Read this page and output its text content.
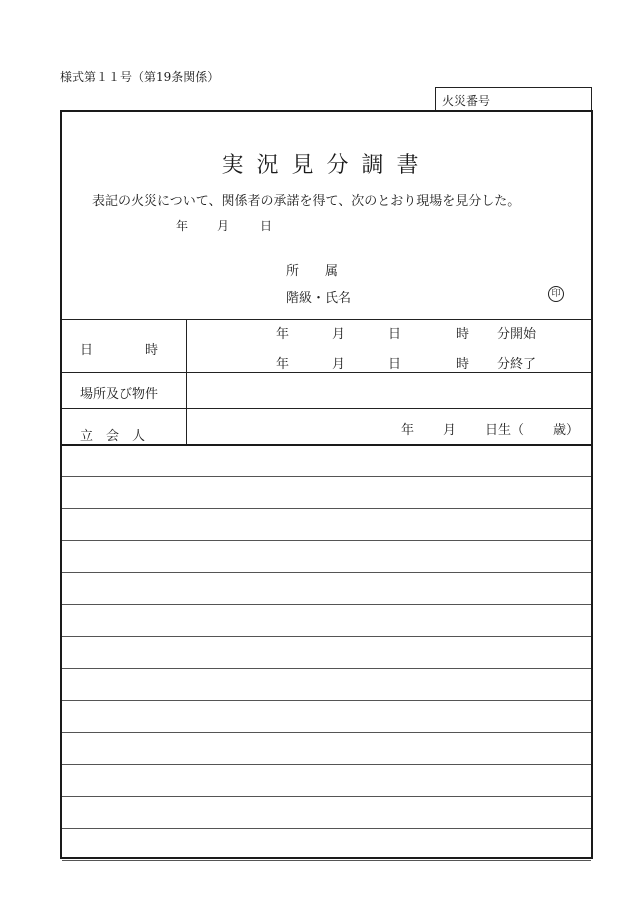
様式第１１号（第19条関係）
火災番号
実況見分調書
表記の火災について、関係者の承諾を得て、次のとおり現場を見分した。
年 月	日
所　　属
階級・氏名	印
日　　　　時
年	月	日	時 分開始
年	月	日	時 分終了
場所及び物件
立　会　人	年 月 日生（ 歳）
